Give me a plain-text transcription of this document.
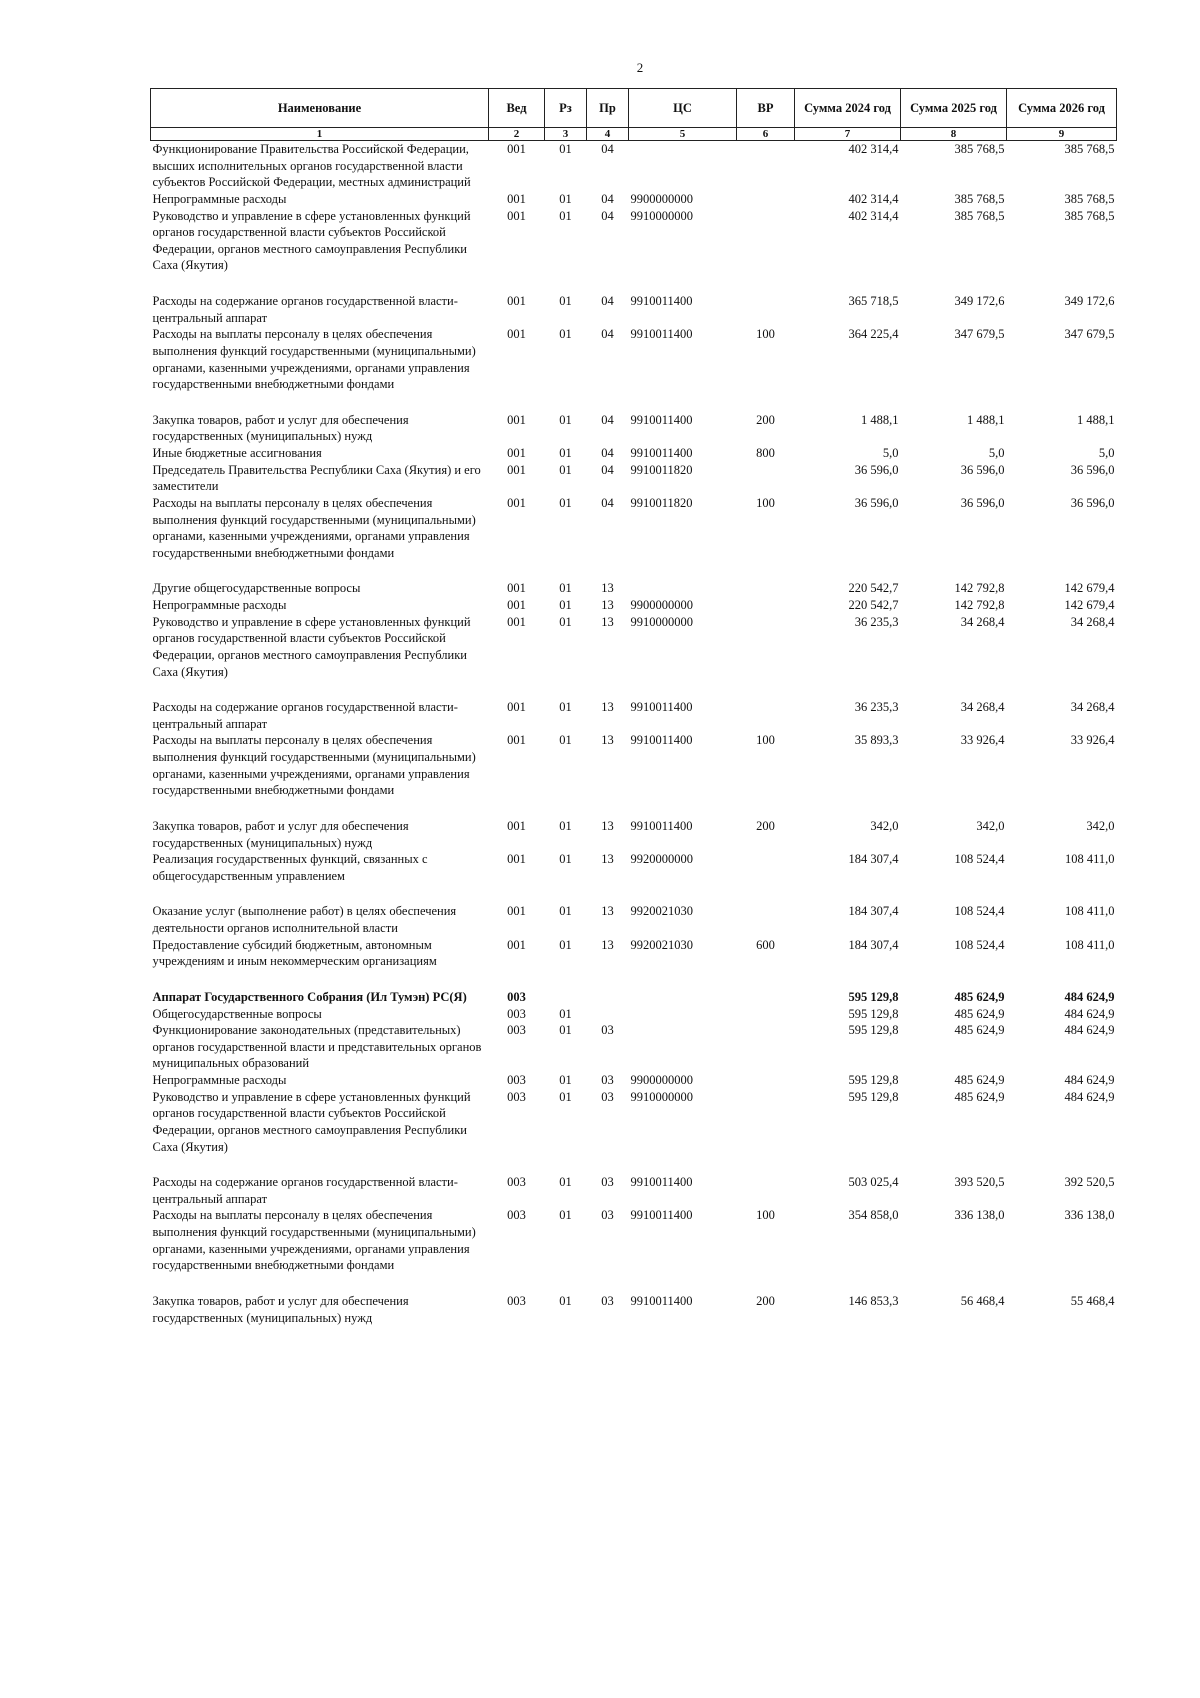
2
Наименование	Вед	Рз	Пр	ЦС	ВР	Сумма 2024 год	Сумма 2025 год	Сумма 2026 год
1	2	3	4	5	6	7	8	9
Функционирование Правительства Российской Федерации, высших исполнительных органов государственной власти субъектов Российской Федерации, местных администраций	001	01	04			402 314,4	385 768,5	385 768,5
Непрограммные расходы	001	01	04	9900000000		402 314,4	385 768,5	385 768,5
Руководство и управление в сфере установленных функций органов государственной власти субъектов Российской Федерации, органов местного самоуправления Республики Саха (Якутия)	001	01	04	9910000000		402 314,4	385 768,5	385 768,5
Расходы на содержание органов государственной власти- центральный аппарат	001	01	04	9910011400		365 718,5	349 172,6	349 172,6
Расходы на выплаты персоналу в целях обеспечения выполнения функций государственными (муниципальными) органами, казенными учреждениями, органами управления государственными внебюджетными фондами	001	01	04	9910011400	100	364 225,4	347 679,5	347 679,5
Закупка товаров, работ и услуг для обеспечения государственных (муниципальных) нужд	001	01	04	9910011400	200	1 488,1	1 488,1	1 488,1
Иные бюджетные ассигнования	001	01	04	9910011400	800	5,0	5,0	5,0
Председатель Правительства Республики Саха (Якутия) и его заместители	001	01	04	9910011820		36 596,0	36 596,0	36 596,0
Расходы на выплаты персоналу в целях обеспечения выполнения функций государственными (муниципальными) органами, казенными учреждениями, органами управления государственными внебюджетными фондами	001	01	04	9910011820	100	36 596,0	36 596,0	36 596,0
Другие общегосударственные вопросы	001	01	13			220 542,7	142 792,8	142 679,4
Непрограммные расходы	001	01	13	9900000000		220 542,7	142 792,8	142 679,4
Руководство и управление в сфере установленных функций органов государственной власти субъектов Российской Федерации, органов местного самоуправления Республики Саха (Якутия)	001	01	13	9910000000		36 235,3	34 268,4	34 268,4
Расходы на содержание органов государственной власти- центральный аппарат	001	01	13	9910011400		36 235,3	34 268,4	34 268,4
Расходы на выплаты персоналу в целях обеспечения выполнения функций государственными (муниципальными) органами, казенными учреждениями, органами управления государственными внебюджетными фондами	001	01	13	9910011400	100	35 893,3	33 926,4	33 926,4
Закупка товаров, работ и услуг для обеспечения государственных (муниципальных) нужд	001	01	13	9910011400	200	342,0	342,0	342,0
Реализация государственных функций, связанных с общегосударственным управлением	001	01	13	9920000000		184 307,4	108 524,4	108 411,0
Оказание услуг (выполнение работ) в целях обеспечения деятельности органов исполнительной власти	001	01	13	9920021030		184 307,4	108 524,4	108 411,0
Предоставление субсидий бюджетным, автономным учреждениям и иным некоммерческим организациям	001	01	13	9920021030	600	184 307,4	108 524,4	108 411,0
Аппарат Государственного Собрания (Ил Тумэн) РС(Я)	003					595 129,8	485 624,9	484 624,9
Общегосударственные вопросы	003	01				595 129,8	485 624,9	484 624,9
Функционирование законодательных (представительных) органов государственной власти и представительных органов муниципальных образований	003	01	03			595 129,8	485 624,9	484 624,9
Непрограммные расходы	003	01	03	9900000000		595 129,8	485 624,9	484 624,9
Руководство и управление в сфере установленных функций органов государственной власти субъектов Российской Федерации, органов местного самоуправления Республики Саха (Якутия)	003	01	03	9910000000		595 129,8	485 624,9	484 624,9
Расходы на содержание органов государственной власти- центральный аппарат	003	01	03	9910011400		503 025,4	393 520,5	392 520,5
Расходы на выплаты персоналу в целях обеспечения выполнения функций государственными (муниципальными) органами, казенными учреждениями, органами управления государственными внебюджетными фондами	003	01	03	9910011400	100	354 858,0	336 138,0	336 138,0
Закупка товаров, работ и услуг для обеспечения государственных (муниципальных) нужд	003	01	03	9910011400	200	146 853,3	56 468,4	55 468,4
